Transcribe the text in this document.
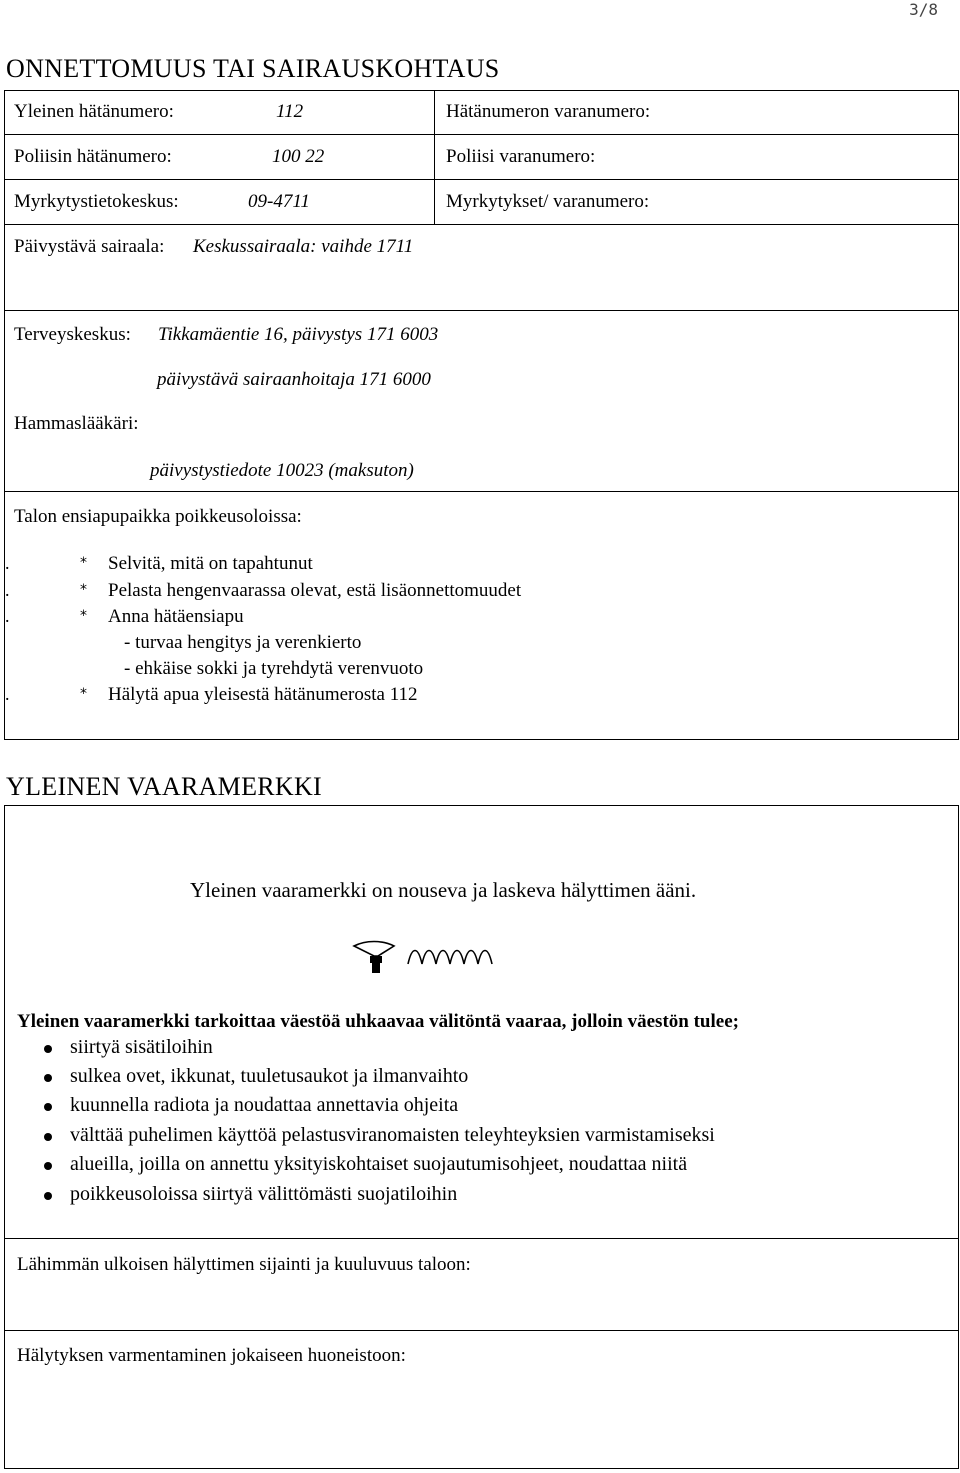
3/8
ONNETTOMUUS TAI SAIRAUSKOHTAUS
Yleinen hätänumero:	112	Hätänumeron varanumero:
Poliisin hätänumero:	100 22	Poliisi varanumero:
Myrkytystietokeskus:	09-4711	Myrkytykset/ varanumero:
Päivystävä sairaala: Keskussairaala: vaihde 1711
Terveyskeskus: Tikkamäentie 16, päivystys 171 6003
päivystävä sairaanhoitaja 171 6000
Hammaslääkäri:
päivystystiedote 10023 (maksuton)
Talon ensiapupaikka poikkeusoloissa:
.	* Selvitä, mitä on tapahtunut
.	* Pelasta hengenvaarassa olevat, estä lisäonnettomuudet
.	* Anna hätäensiapu
- turvaa hengitys ja verenkierto
- ehkäise sokki ja tyrehdytä verenvuoto
.	* Hälytä apua yleisestä hätänumerosta 112
YLEINEN VAARAMERKKI
Yleinen vaaramerkki on nouseva ja laskeva hälyttimen ääni.
Yleinen vaaramerkki tarkoittaa väestöä uhkaavaa välitöntä vaaraa, jolloin väestön tulee;
siirtyä sisätiloihin
sulkea ovet, ikkunat, tuuletusaukot ja ilmanvaihto
kuunnella radiota ja noudattaa annettavia ohjeita
välttää puhelimen käyttöä pelastusviranomaisten teleyhteyksien varmistamiseksi
alueilla, joilla on annettu yksityiskohtaiset suojautumisohjeet, noudattaa niitä
poikkeusoloissa siirtyä välittömästi suojatiloihin
Lähimmän ulkoisen hälyttimen sijainti ja kuuluvuus taloon:
Hälytyksen varmentaminen jokaiseen huoneistoon:
